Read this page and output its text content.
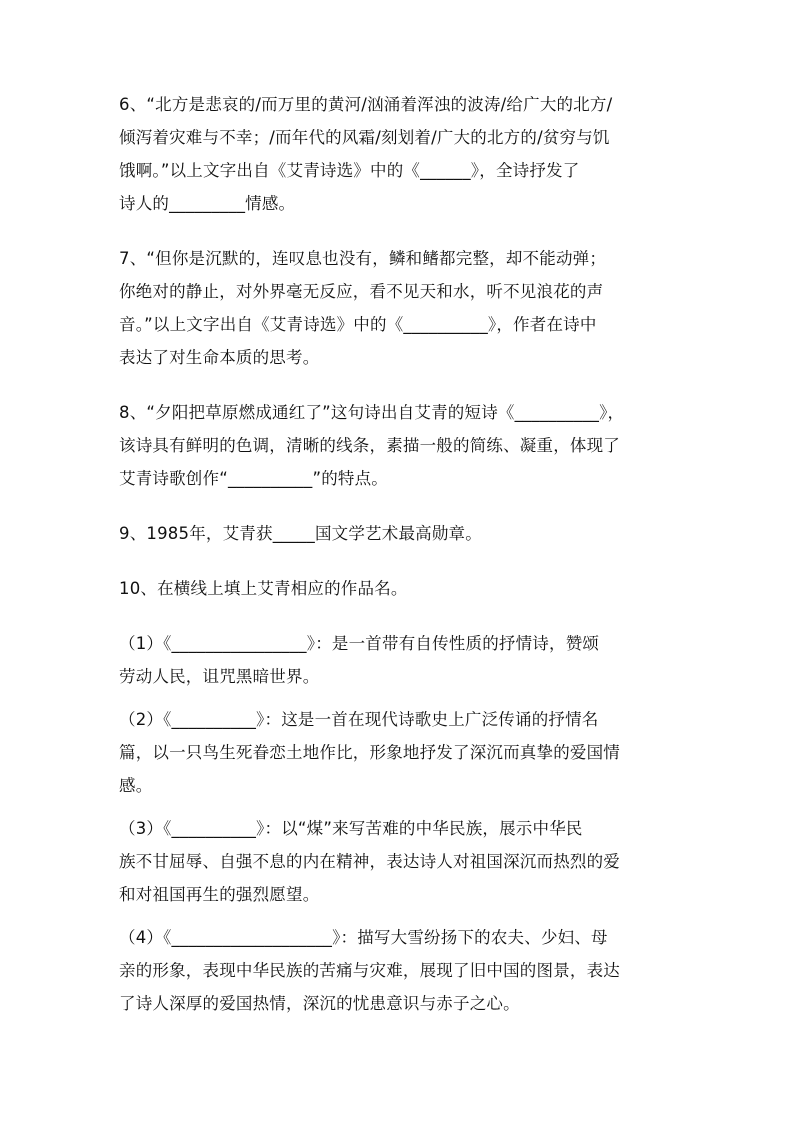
6、“北方是悲哀的/而万里的黄河/汹涌着浑浊的波涛/给广大的北方/
倾泻着灾难与不幸；/而年代的风霜/刻划着/广大的北方的/贫穷与饥
饿啊。”以上文字出自《艾青诗选》中的《______》，全诗抒发了
诗人的_________情感。
7、“但你是沉默的，连叹息也没有，鳞和鳍都完整，却不能动弹；
你绝对的静止，对外界毫无反应，看不见天和水，听不见浪花的声
音。”以上文字出自《艾青诗选》中的《__________》，作者在诗中
表达了对生命本质的思考。
8、“夕阳把草原燃成通红了”这句诗出自艾青的短诗《__________》，
该诗具有鲜明的色调，清晰的线条，素描一般的简练、凝重，体现了
艾青诗歌创作“__________”的特点。
9、1985年，艾青获_____国文学艺术最高勋章。
10、在横线上填上艾青相应的作品名。
（1）《________________》：是一首带有自传性质的抒情诗，赞颂
劳动人民，诅咒黑暗世界。
（2）《__________》：这是一首在现代诗歌史上广泛传诵的抒情名
篇，以一只鸟生死眷恋土地作比，形象地抒发了深沉而真挚的爱国情
感。
（3）《__________》：以“煤”来写苦难的中华民族，展示中华民
族不甘屈辱、自强不息的内在精神，表达诗人对祖国深沉而热烈的爱
和对祖国再生的强烈愿望。
（4）《___________________》：描写大雪纷扬下的农夫、少妇、母
亲的形象，表现中华民族的苦痛与灾难，展现了旧中国的图景，表达
了诗人深厚的爱国热情，深沉的忧患意识与赤子之心。
